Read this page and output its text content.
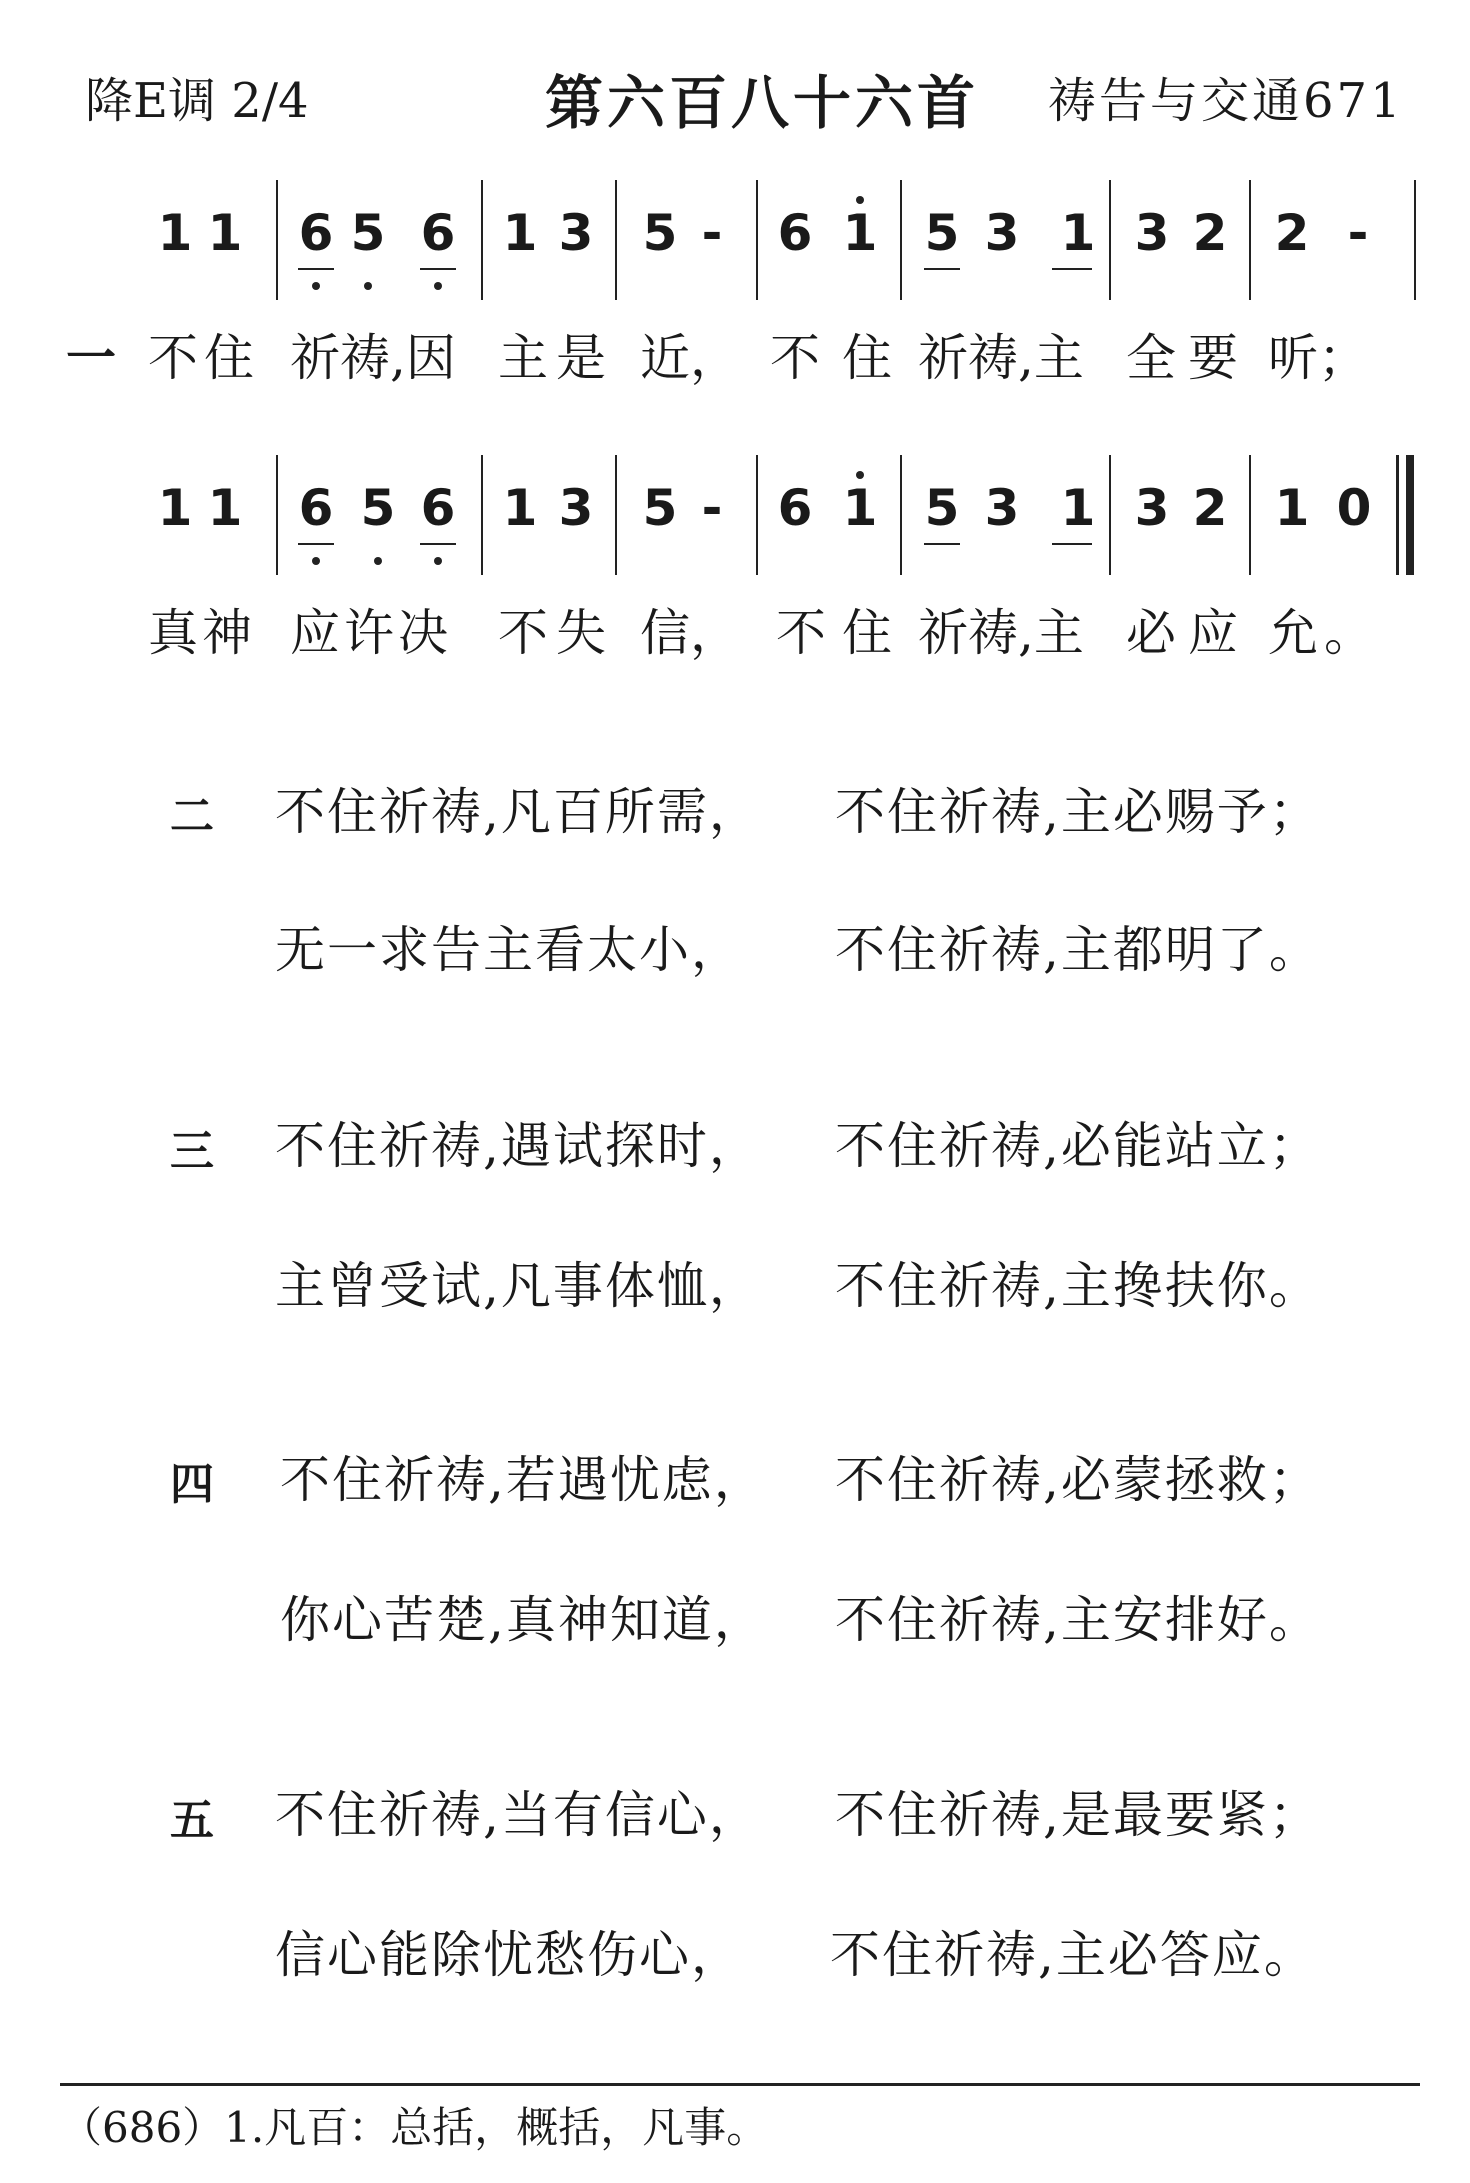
降E调 2/4	第六百八十六首 祷告与交通671
1 1 6 5 6 1 3 5 - 6 1 5 3 1 3 2 2 -
一 不住 祈祷,因 主是 近， 不住 祈祷,主 全要 听；
1 1 6 5 6 1 3 5 - 6 1 5 3 1 3 2 1 0
真神 应许决 不失 信， 不住 祈祷,主 必应 允。
二 不住祈祷,凡百所需， 不住祈祷,主必赐予；
无一求告主看太小， 不住祈祷,主都明了。
三 不住祈祷,遇试探时， 不住祈祷,必能站立；
主曾受试,凡事体恤， 不住祈祷,主搀扶你。
四 不住祈祷,若遇忧虑， 不住祈祷,必蒙拯救；
你心苦楚,真神知道， 不住祈祷,主安排好。
五 不住祈祷,当有信心， 不住祈祷,是最要紧；
信心能除忧愁伤心， 不住祈祷,主必答应。
（686）1.凡百：总括，概括，凡事。
